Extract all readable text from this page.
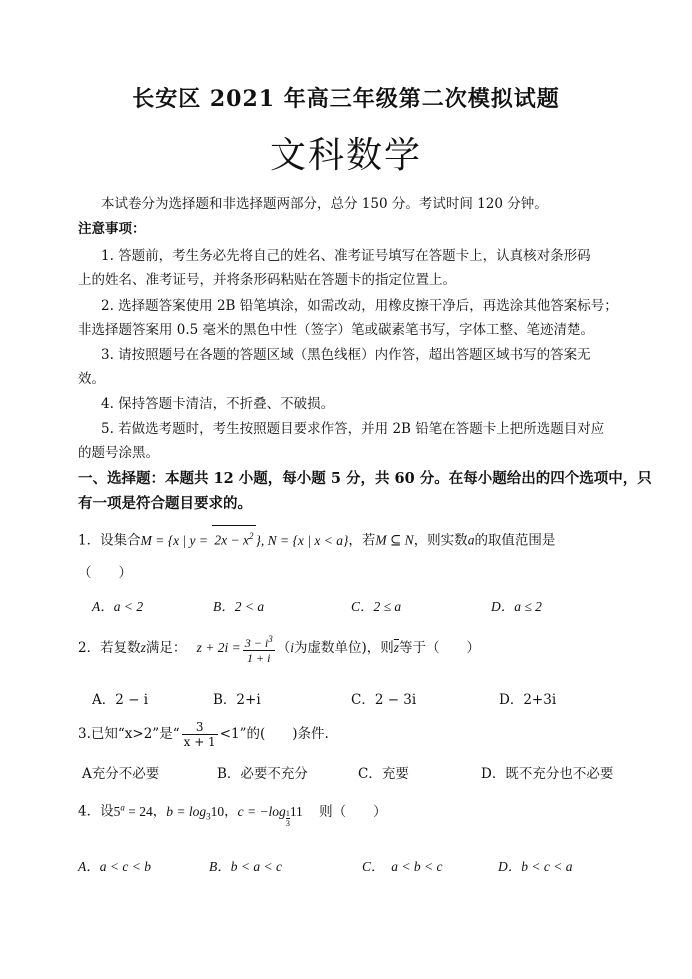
长安区 2021 年高三年级第二次模拟试题
文科数学
本试卷分为选择题和非选择题两部分，总分 150 分。考试时间 120 分钟。
注意事项：
1. 答题前，考生务必先将自己的姓名、准考证号填写在答题卡上，认真核对条形码
上的姓名、准考证号，并将条形码粘贴在答题卡的指定位置上。
2. 选择题答案使用 2B 铅笔填涂，如需改动，用橡皮擦干净后，再选涂其他答案标号；
非选择题答案用 0.5 毫米的黑色中性（签字）笔或碳素笔书写，字体工整、笔迹清楚。
3. 请按照题号在各题的答题区域（黑色线框）内作答，超出答题区域书写的答案无
效。
4. 保持答题卡清洁，不折叠、不破损。
5. 若做选考题时，考生按照题目要求作答，并用 2B 铅笔在答题卡上把所选题目对应
的题号涂黑。
一、选择题：本题共 12 小题，每小题 5 分，共 60 分。在每小题给出的四个选项中，只
有一项是符合题目要求的。
1．设集合M = {x | $y = 2x - x^2$ }, N = {x | x < a}，若M ⊆ N，则实数a的取值范围是
（　　）
A．a < 2	B．2 < a	C．2 ≤ a	D．a ≤ 2
2．若复数z满足： $z + 2i = \frac{3 - i^3}{1 + i} (i$为虚数单位)，则$\overline{z}$等于（　　）
A．2 − i	B．2+i	C．2 − 3i	D．2+3i
3.已知“x>2”是“ $\frac{3}{x + 1} <1$”的(　　)条件.
A充分不必要	B．必要不充分	C．充要	D．既不充分也不必要
4．设$5^a = 24$，$b = \log_310$，$c = -\log \frac{1}{3} 11$ 则（　　）
A．a < c < b	B．b < a < c	C．　a < b < c	D．b < c < a
